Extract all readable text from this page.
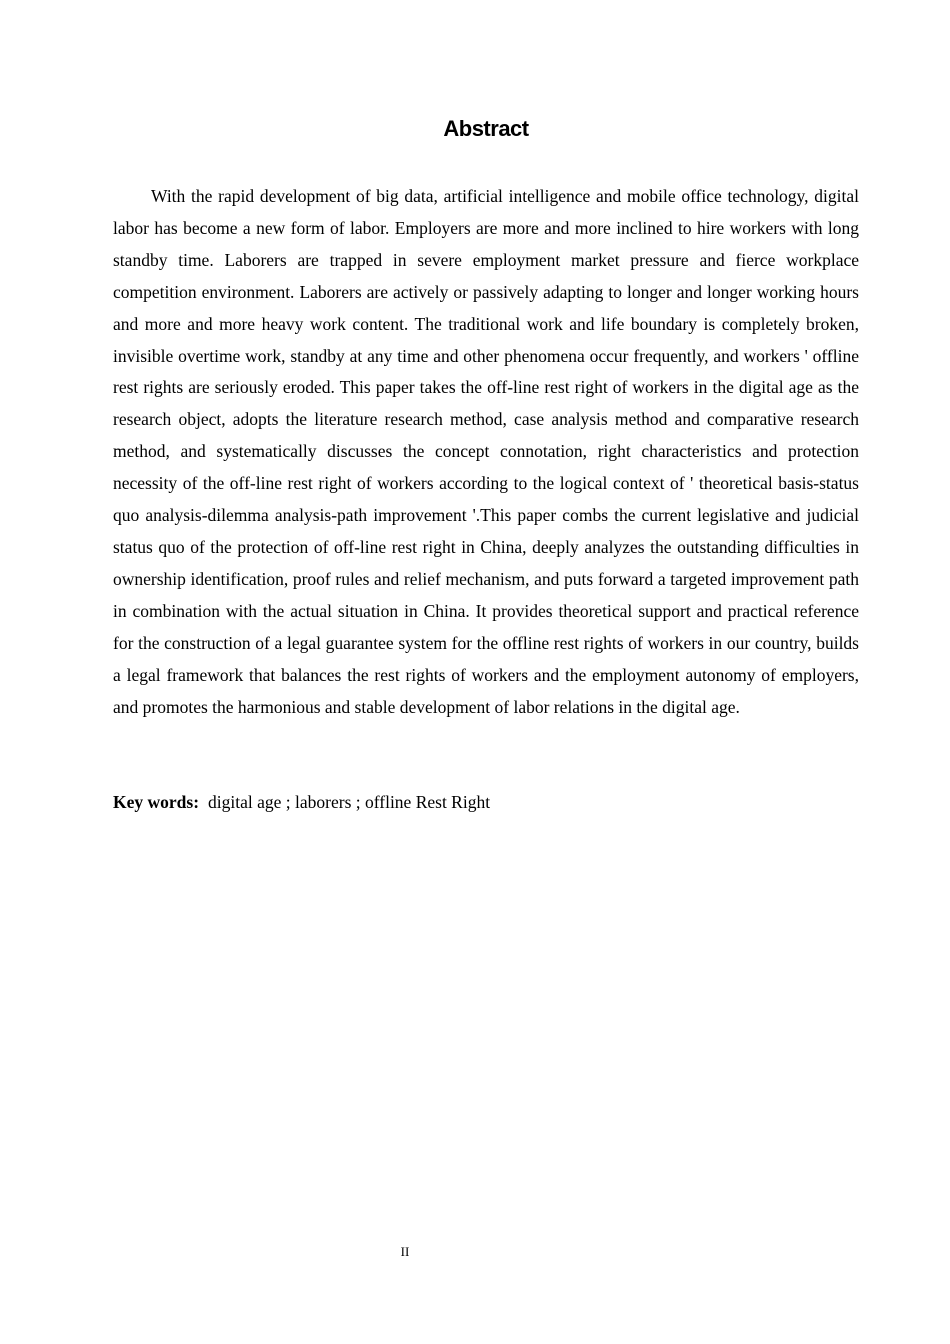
Abstract

With the rapid development of big data, artificial intelligence and mobile office technology, digital labor has become a new form of labor. Employers are more and more inclined to hire workers with long standby time. Laborers are trapped in severe employment market pressure and fierce workplace competition environment. Laborers are actively or passively adapting to longer and longer working hours and more and more heavy work content. The traditional work and life boundary is completely broken, invisible overtime work, standby at any time and other phenomena occur frequently, and workers ' offline rest rights are seriously eroded. This paper takes the off-line rest right of workers in the digital age as the research object, adopts the literature research method, case analysis method and comparative research method, and systematically discusses the concept connotation, right characteristics and protection necessity of the off-line rest right of workers according to the logical context of ' theoretical basis-status quo analysis-dilemma analysis-path improvement '.This paper combs the current legislative and judicial status quo of the protection of off-line rest right in China, deeply analyzes the outstanding difficulties in ownership identification, proof rules and relief mechanism, and puts forward a targeted improvement path in combination with the actual situation in China. It provides theoretical support and practical reference for the construction of a legal guarantee system for the offline rest rights of workers in our country, builds a legal framework that balances the rest rights of workers and the employment autonomy of employers, and promotes the harmonious and stable development of labor relations in the digital age.

Key words: digital age ; laborers ; offline Rest Right

II
